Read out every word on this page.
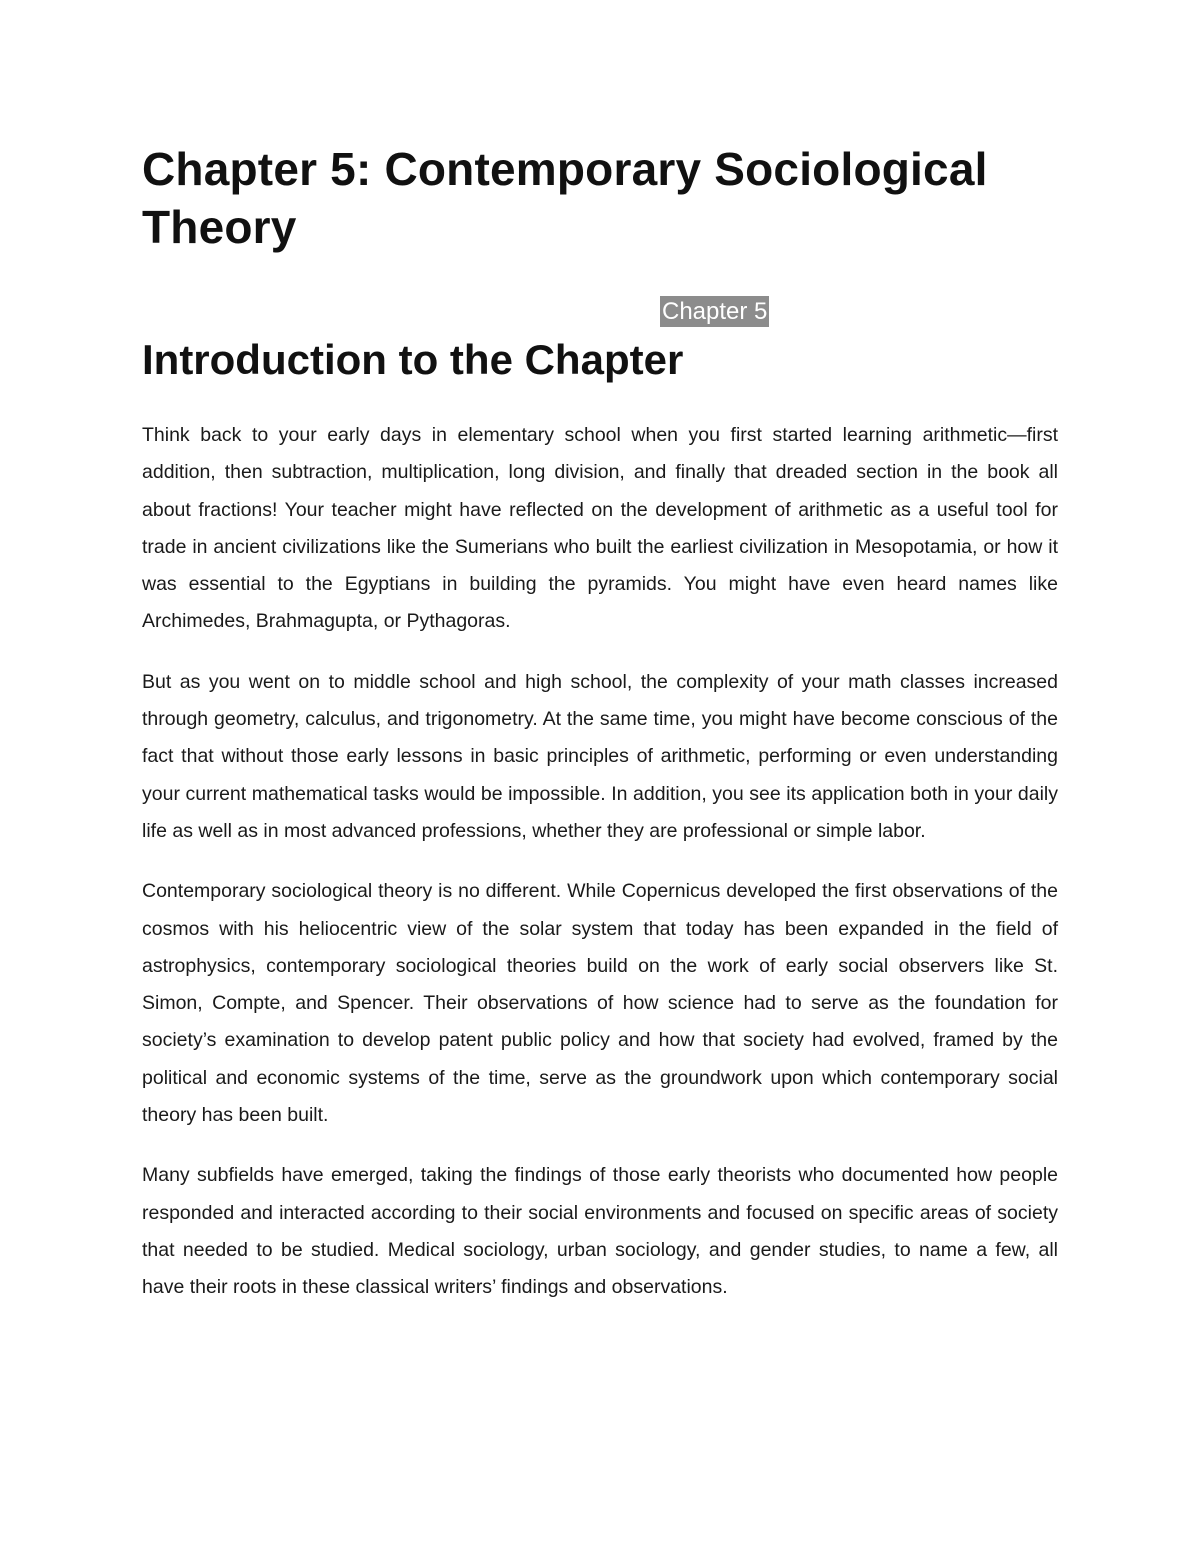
Chapter 5: Contemporary Sociological Theory
Chapter 5
Introduction to the Chapter

Think back to your early days in elementary school when you first started learning arithmetic—first addition, then subtraction, multiplication, long division, and finally that dreaded section in the book all about fractions! Your teacher might have reflected on the development of arithmetic as a useful tool for trade in ancient civilizations like the Sumerians who built the earliest civilization in Mesopotamia, or how it was essential to the Egyptians in building the pyramids. You might have even heard names like Archimedes, Brahmagupta, or Pythagoras.

But as you went on to middle school and high school, the complexity of your math classes increased through geometry, calculus, and trigonometry. At the same time, you might have become conscious of the fact that without those early lessons in basic principles of arithmetic, performing or even understanding your current mathematical tasks would be impossible. In addition, you see its application both in your daily life as well as in most advanced professions, whether they are professional or simple labor.

Contemporary sociological theory is no different. While Copernicus developed the first observations of the cosmos with his heliocentric view of the solar system that today has been expanded in the field of astrophysics, contemporary sociological theories build on the work of early social observers like St. Simon, Compte, and Spencer. Their observations of how science had to serve as the foundation for society’s examination to develop patent public policy and how that society had evolved, framed by the political and economic systems of the time, serve as the groundwork upon which contemporary social theory has been built.

Many subfields have emerged, taking the findings of those early theorists who documented how people responded and interacted according to their social environments and focused on specific areas of society that needed to be studied. Medical sociology, urban sociology, and gender studies, to name a few, all have their roots in these classical writers’ findings and observations.
